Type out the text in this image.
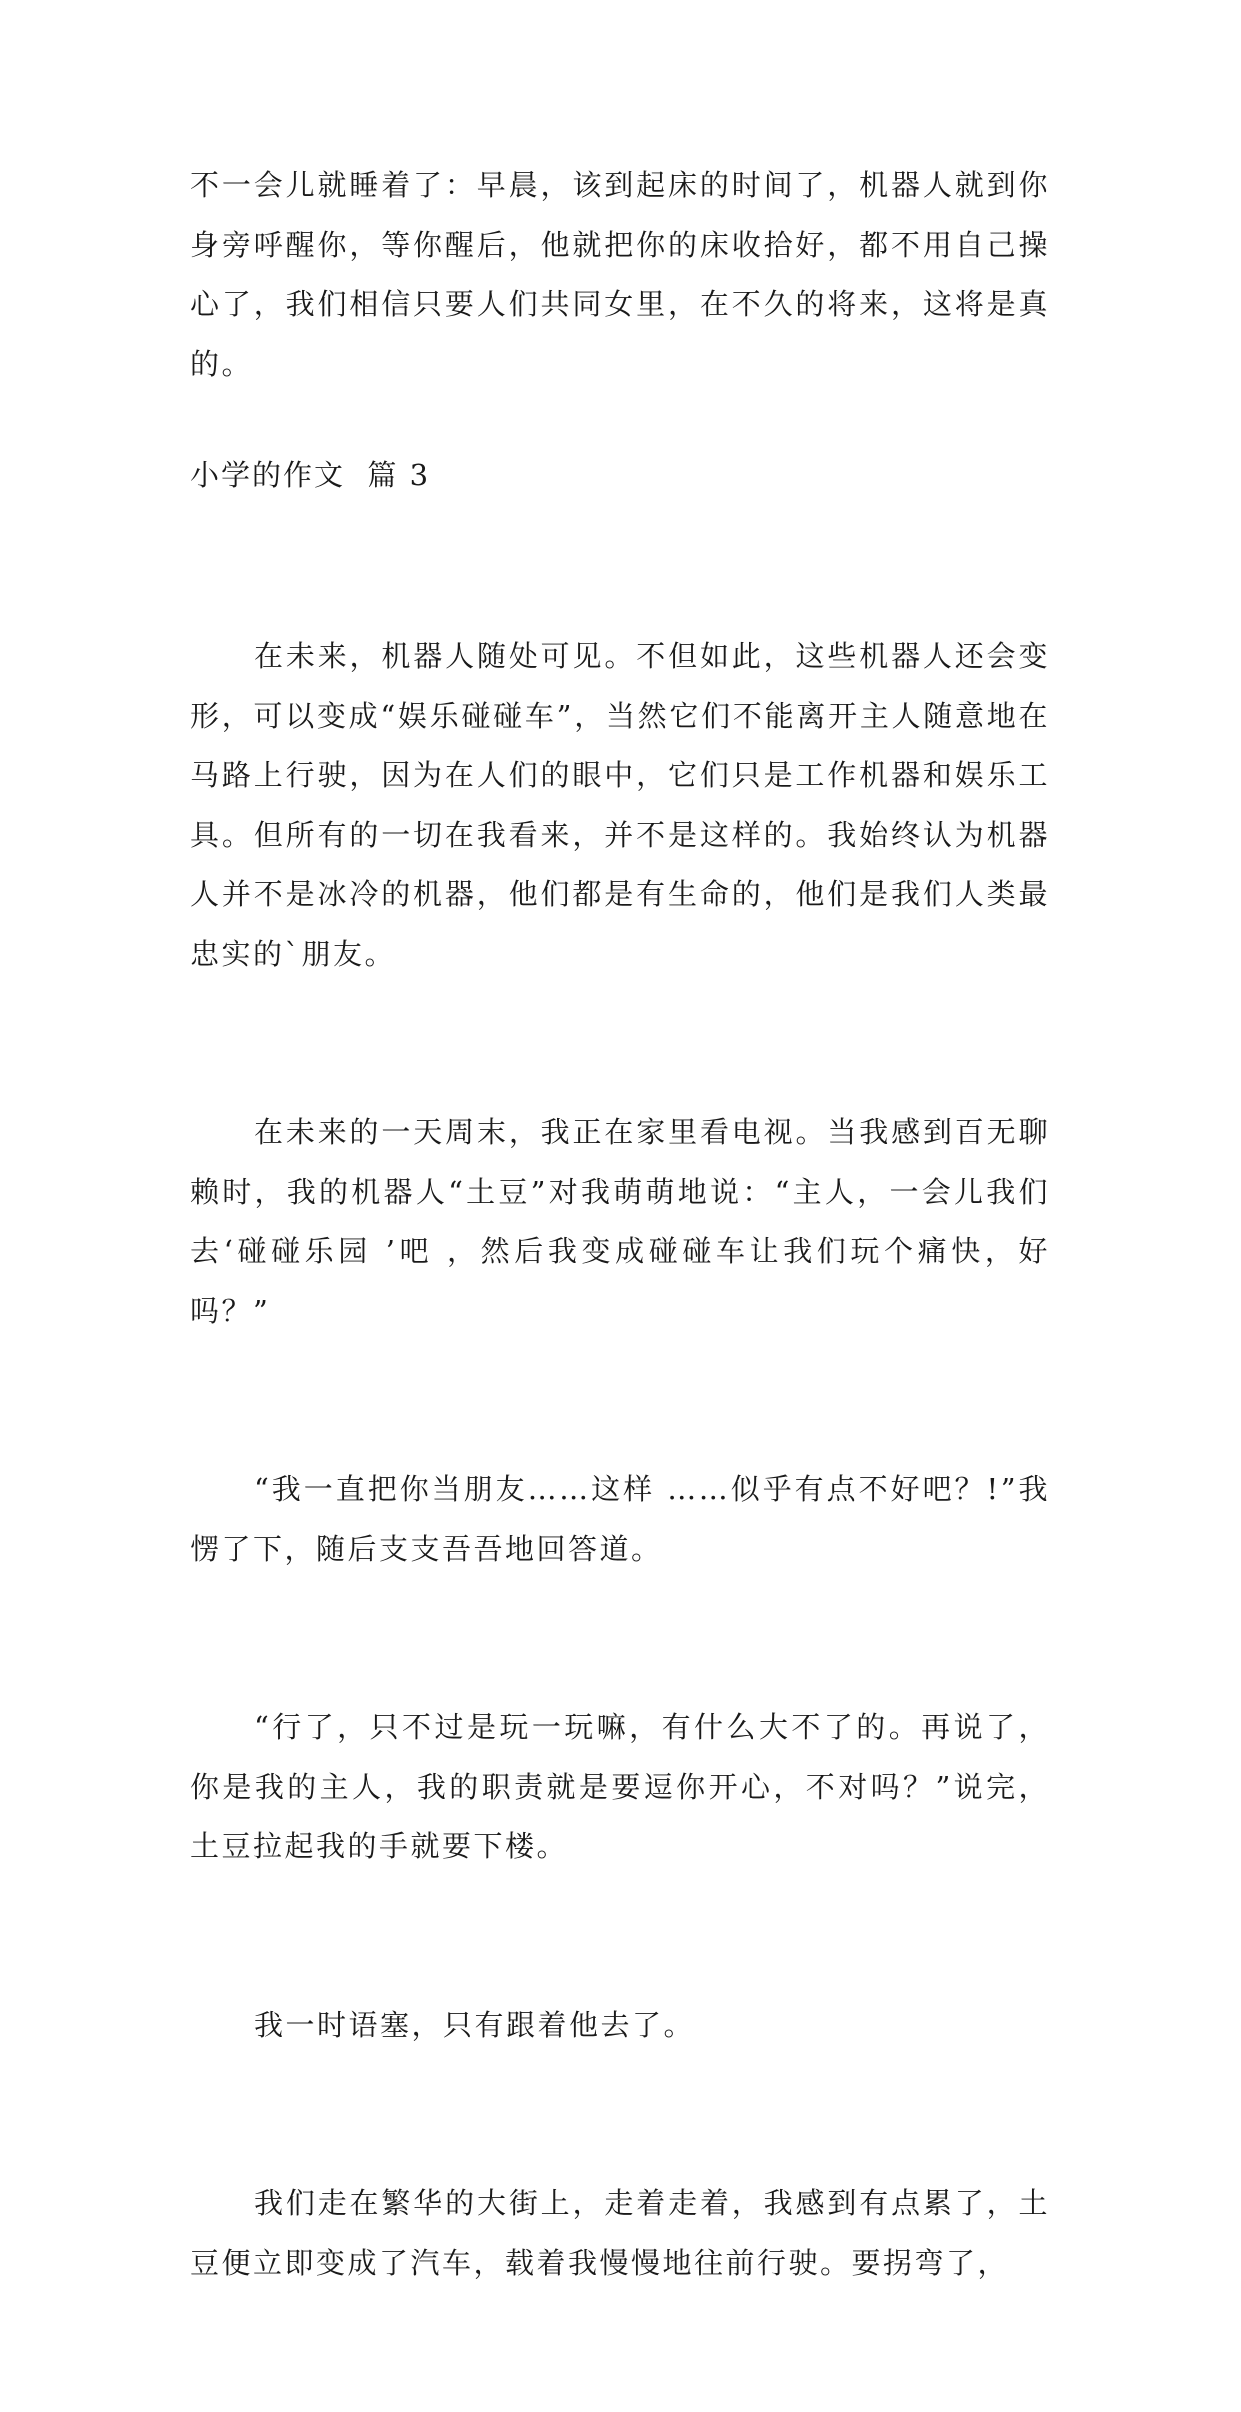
不一会儿就睡着了：早晨，该到起床的时间了，机器人就到你身旁呼醒你，等你醒后，他就把你的床收拾好，都不用自己操心了，我们相信只要人们共同女里，在不久的将来，这将是真的。

小学的作文  篇 3

在未来，机器人随处可见。不但如此，这些机器人还会变形，可以变成“娱乐碰碰车”，当然它们不能离开主人随意地在马路上行驶，因为在人们的眼中，它们只是工作机器和娱乐工具。但所有的一切在我看来，并不是这样的。我始终认为机器人并不是冰冷的机器，他们都是有生命的，他们是我们人类最忠实的`朋友。

在未来的一天周末，我正在家里看电视。当我感到百无聊赖时，我的机器人“土豆”对我萌萌地说：“主人，一会儿我们去‘碰碰乐园 ’吧 ，然后我变成碰碰车让我们玩个痛快，好吗？”

“我一直把你当朋友……这样 ……似乎有点不好吧？!”我愣了下，随后支支吾吾地回答道。

“行了，只不过是玩一玩嘛，有什么大不了的。再说了，你是我的主人，我的职责就是要逗你开心，不对吗？”说完，土豆拉起我的手就要下楼。

我一时语塞，只有跟着他去了。

我们走在繁华的大街上，走着走着，我感到有点累了，土豆便立即变成了汽车，载着我慢慢地往前行驶。要拐弯了，
